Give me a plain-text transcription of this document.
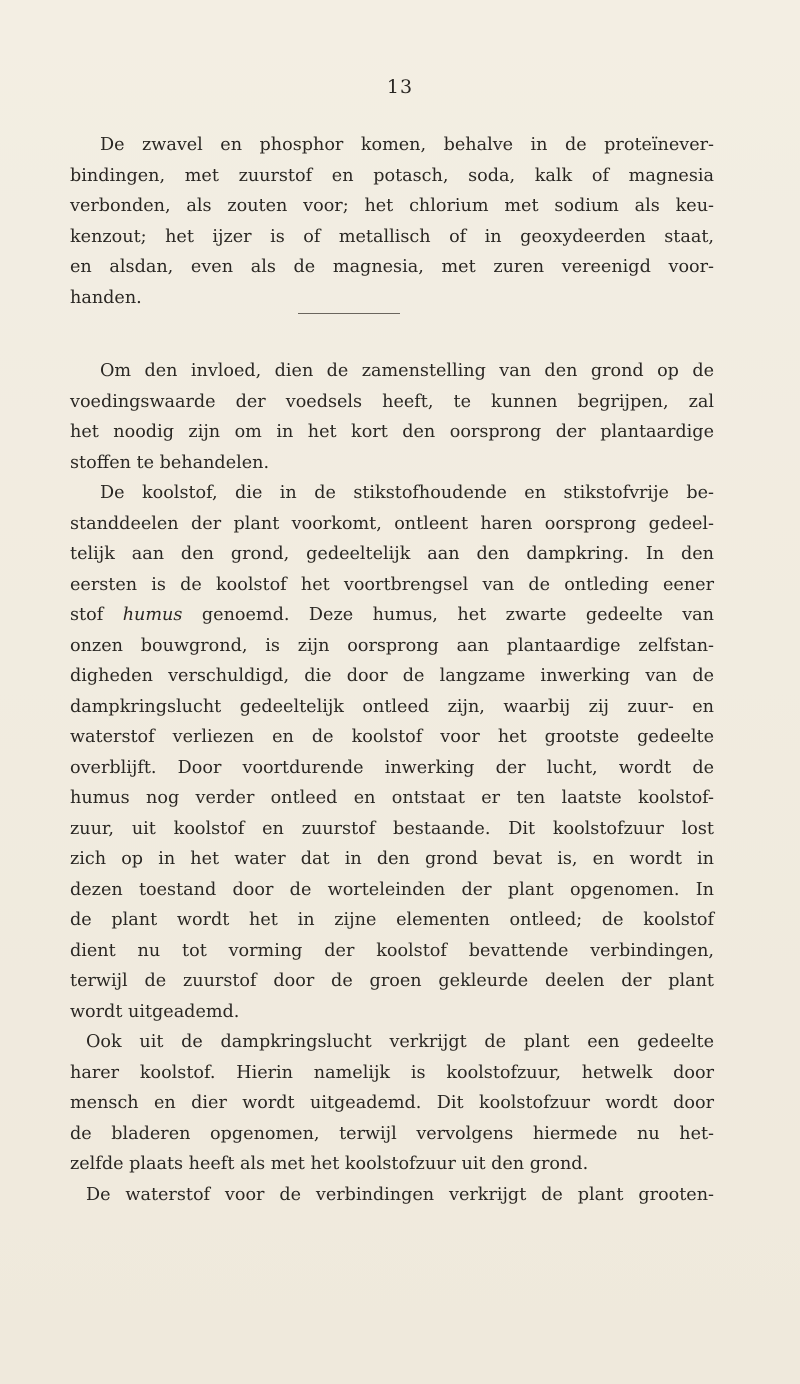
13
De zwavel en phosphor komen, behalve in de proteïnever-
bindingen, met zuurstof en potasch, soda, kalk of magnesia
verbonden, als zouten voor; het chlorium met sodium als keu-
kenzout; het ijzer is of metallisch of in geoxydeerden staat,
en alsdan, even als de magnesia, met zuren vereenigd voor-
handen.
Om den invloed, dien de zamenstelling van den grond op de
voedingswaarde der voedsels heeft, te kunnen begrijpen, zal
het noodig zijn om in het kort den oorsprong der plantaardige
stoffen te behandelen.
De koolstof, die in de stikstofhoudende en stikstofvrije be-
standdeelen der plant voorkomt, ontleent haren oorsprong gedeel-
telijk aan den grond, gedeeltelijk aan den dampkring. In den
eersten is de koolstof het voortbrengsel van de ontleding eener
stof humus genoemd. Deze humus, het zwarte gedeelte van
onzen bouwgrond, is zijn oorsprong aan plantaardige zelfstan-
digheden verschuldigd, die door de langzame inwerking van de
dampkringslucht gedeeltelijk ontleed zijn, waarbij zij zuur- en
waterstof verliezen en de koolstof voor het grootste gedeelte
overblijft. Door voortdurende inwerking der lucht, wordt de
humus nog verder ontleed en ontstaat er ten laatste koolstof-
zuur, uit koolstof en zuurstof bestaande. Dit koolstofzuur lost
zich op in het water dat in den grond bevat is, en wordt in
dezen toestand door de worteleinden der plant opgenomen. In
de plant wordt het in zijne elementen ontleed; de koolstof
dient nu tot vorming der koolstof bevattende verbindingen,
terwijl de zuurstof door de groen gekleurde deelen der plant
wordt uitgeademd.
Ook uit de dampkringslucht verkrijgt de plant een gedeelte
harer koolstof. Hierin namelijk is koolstofzuur, hetwelk door
mensch en dier wordt uitgeademd. Dit koolstofzuur wordt door
de bladeren opgenomen, terwijl vervolgens hiermede nu het-
zelfde plaats heeft als met het koolstofzuur uit den grond.
De waterstof voor de verbindingen verkrijgt de plant grooten-
